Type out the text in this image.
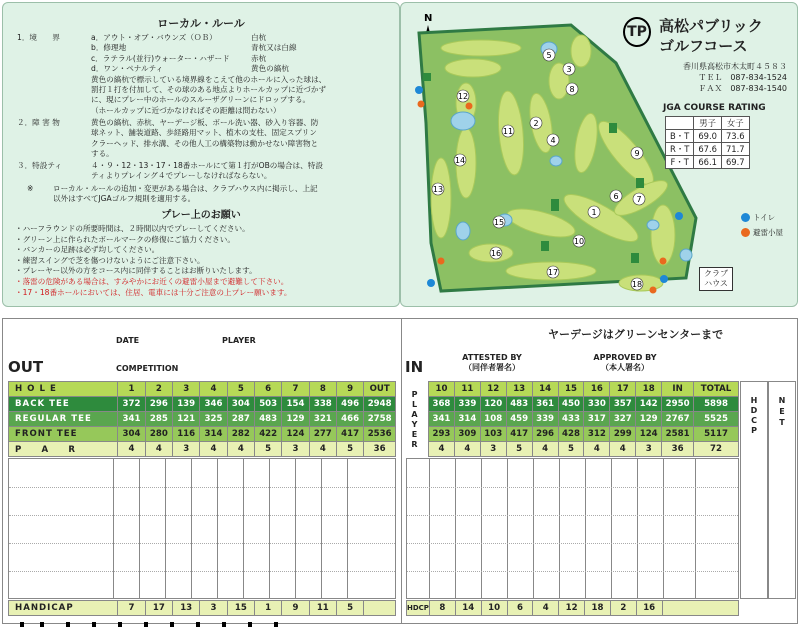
ローカル・ルール
1．境　　界	a．アウト・オブ・バウンズ（ＯＢ）	白杭
b．修理地	青杭又は白線
c．ラテラル(並行)ウォーター・ハザード	赤杭
d．ワン・ペナルティ	黄色の縞杭
黄色の縞杭で標示している境界線をこえて他のホールに入った球は、
罰打１打を付加して、その球のある地点よりホールカップに近づかず
に、現にプレー中のホールのスルーザグリーンにドロップする。
（ホールカップに近づかなければその距離は問わない）
２．障 害 物	黄色の縞杭、赤杭、ヤーデージ板、ボール洗い器、砂入り容器、防
球ネット、舗装道路、歩経路用マット、植木の支柱、固定スプリン
クラーヘッド、排水溝、その他人工の構築物は動かせない障害物と
する。
３．特設ティ	４・９・12・13・17・18番ホールにて第１打がOBの場合は、特設
ティよりプレイング４でプレーしなければならない。
※	ローカル・ルールの追加・変更がある場合は、クラブハウス内に掲示し、上記
以外はすべてJGAゴルフ規則を適用する。
プレー上のお願い
・ハーフラウンドの所要時間は、２時間以内でプレーしてください。
・グリーン上に作られたボールマークの修復にご協力ください。
・バンカーの足跡は必ず均してください。
・練習スイングで芝を傷つけないようにご注意下さい。
・プレーヤー以外の方をコース内に同伴することはお断りいたします。
・落雷の危険がある場合は、すみやかにお近くの避雷小屋まで避難して下さい。
・17・18番ホールにおいては、住居、電車には十分ご注意の上プレー願います。
N
1
2
3
4
5
6 7
8
9
10
11
12
13
14
15
16
17
18
TP 高松パブリック
ゴルフコース
香川県高松市木太町４５８３
ＴＥＬ　087-834-1524
ＦＡＸ　087-834-1540
JGA COURSE RATING
	男子	女子
B・T	69.0	73.6
R・T	67.6	71.7
F・T	66.1	69.7
トイレ
避雷小屋
クラブ
ハウス
ヤーデージはグリーンセンターまで
DATE	PLAYER
COMPETITION
OUT	IN
ATTESTED BY
（同伴者署名）
APPROVED BY
（本人署名）
H O L E	1	2	3	4	5	6	7	8	9	OUT
BACK TEE	372	296	139	346	304	503	154	338	496	2948
REGULAR TEE	341	285	121	325	287	483	129	321	466	2758
FRONT TEE	304	280	116	314	282	422	124	277	417	2536
P　　A　　R	4	4	3	4	4	5	3	4	5	36
HANDICAP	7	17	13	3	15	1	9	11	5	
PLAYER
10	11	12	13	14	15	16	17	18	IN	TOTAL
368	339	120	483	361	450	330	357	142	2950	5898
341	314	108	459	339	433	317	327	129	2767	5525
293	309	103	417	296	428	312	299	124	2581	5117
4	4	3	5	4	5	4	4	3	36	72
HDCP NET
HDCP	8	14	10	6	4	12	18	2	16	
